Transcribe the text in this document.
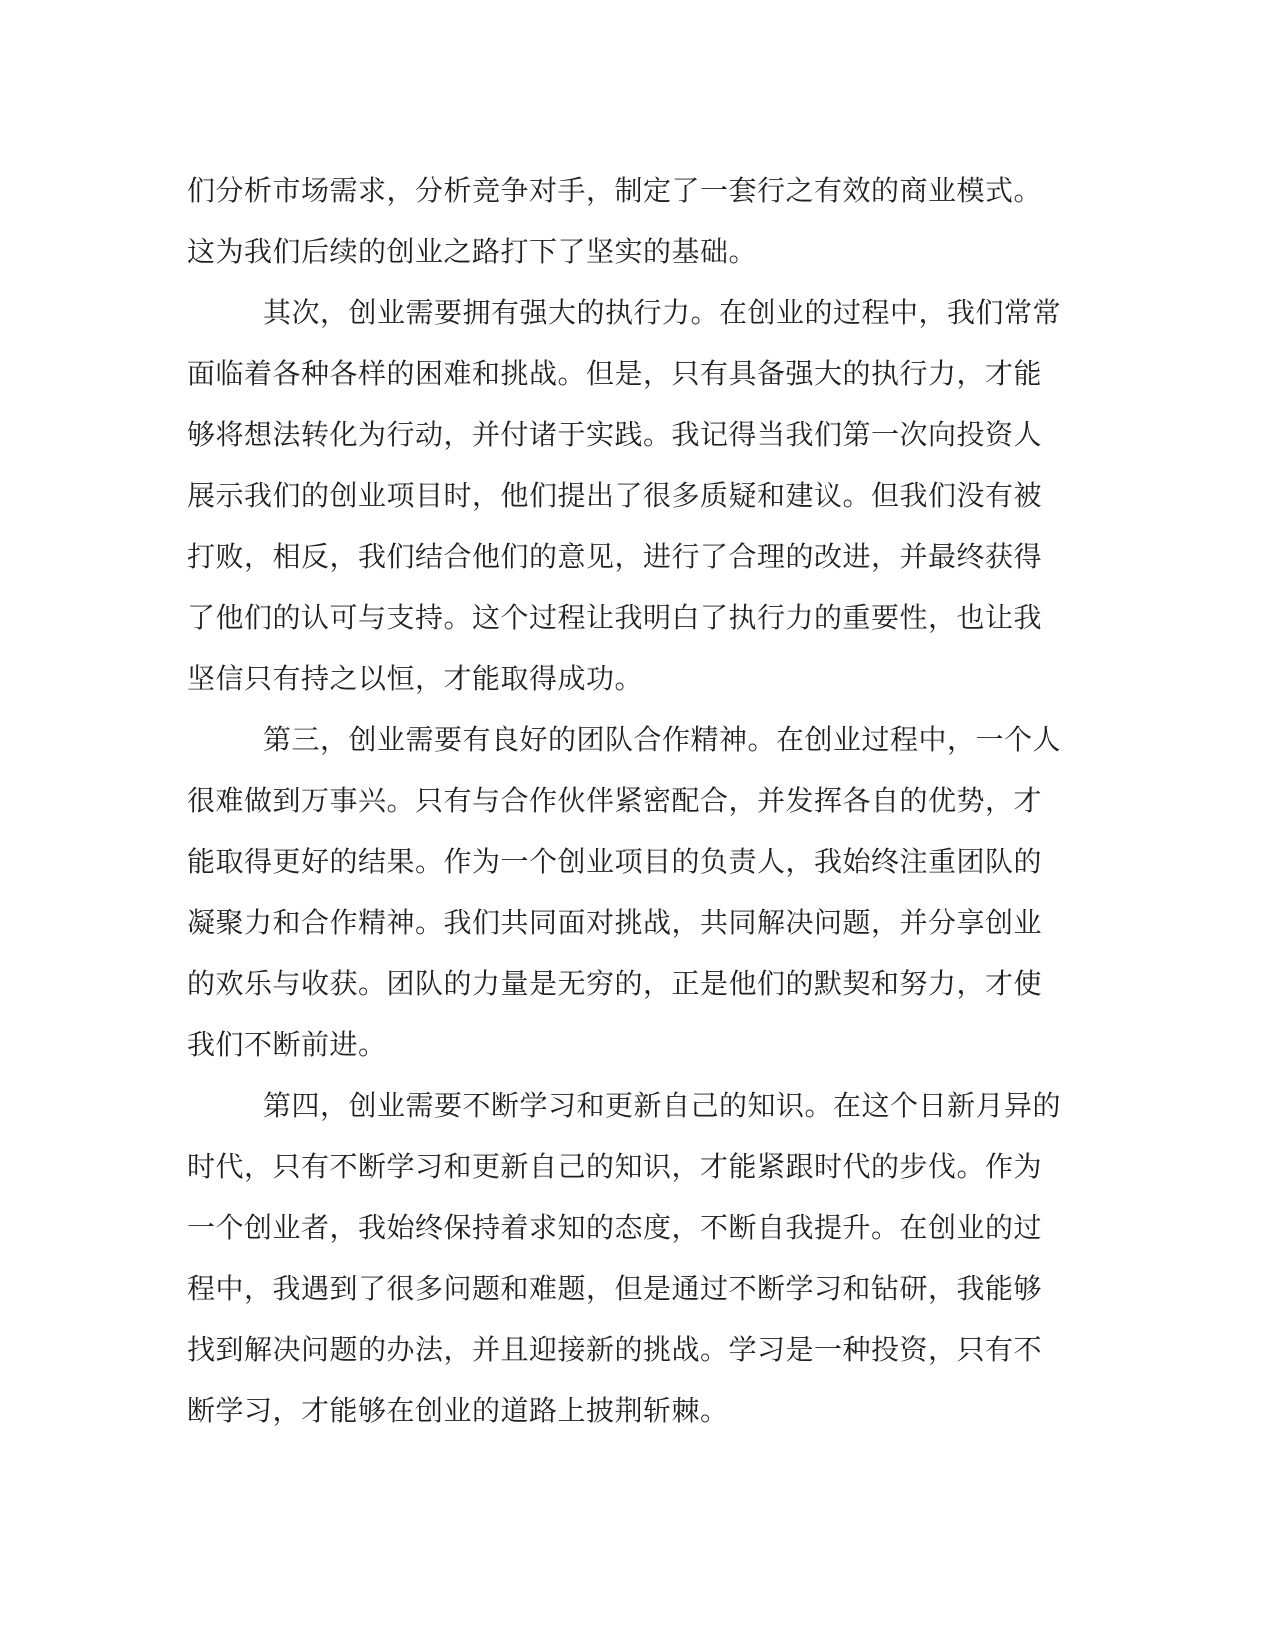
们分析市场需求，分析竞争对手，制定了一套行之有效的商业模式。
这为我们后续的创业之路打下了坚实的基础。
其次，创业需要拥有强大的执行力。在创业的过程中，我们常常
面临着各种各样的困难和挑战。但是，只有具备强大的执行力，才能
够将想法转化为行动，并付诸于实践。我记得当我们第一次向投资人
展示我们的创业项目时，他们提出了很多质疑和建议。但我们没有被
打败，相反，我们结合他们的意见，进行了合理的改进，并最终获得
了他们的认可与支持。这个过程让我明白了执行力的重要性，也让我
坚信只有持之以恒，才能取得成功。
第三，创业需要有良好的团队合作精神。在创业过程中，一个人
很难做到万事兴。只有与合作伙伴紧密配合，并发挥各自的优势，才
能取得更好的结果。作为一个创业项目的负责人，我始终注重团队的
凝聚力和合作精神。我们共同面对挑战，共同解决问题，并分享创业
的欢乐与收获。团队的力量是无穷的，正是他们的默契和努力，才使
我们不断前进。
第四，创业需要不断学习和更新自己的知识。在这个日新月异的
时代，只有不断学习和更新自己的知识，才能紧跟时代的步伐。作为
一个创业者，我始终保持着求知的态度，不断自我提升。在创业的过
程中，我遇到了很多问题和难题，但是通过不断学习和钻研，我能够
找到解决问题的办法，并且迎接新的挑战。学习是一种投资，只有不
断学习，才能够在创业的道路上披荆斩棘。
